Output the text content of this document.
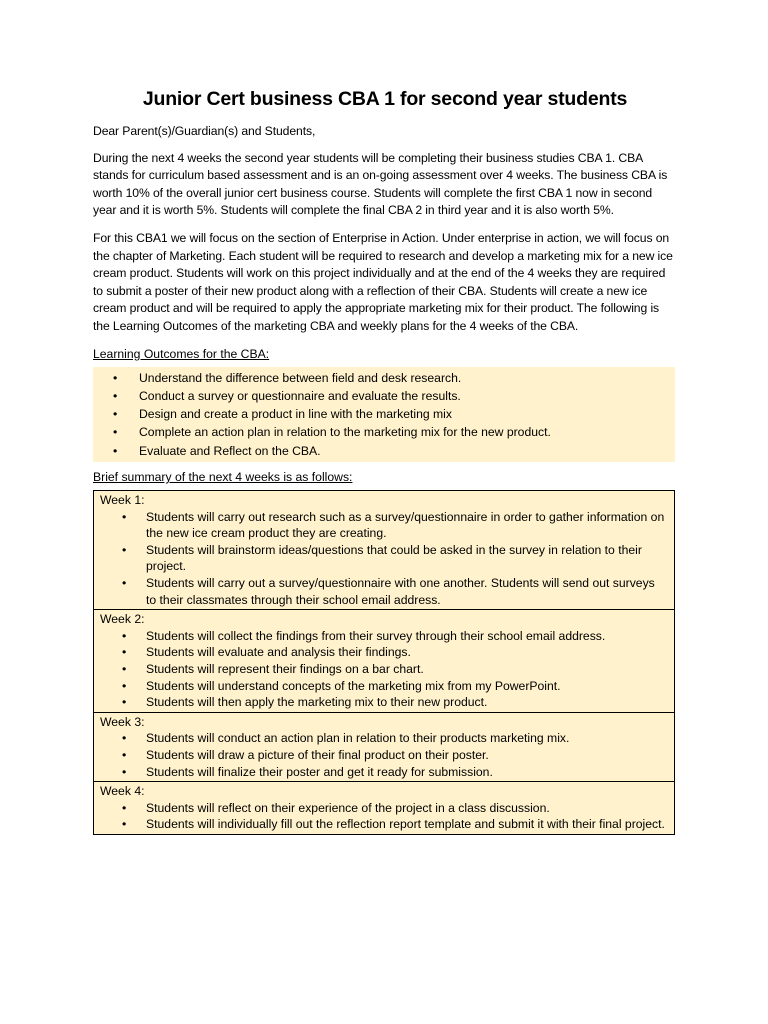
Junior Cert business CBA 1 for second year students

Dear Parent(s)/Guardian(s) and Students,

During the next 4 weeks the second year students will be completing their business studies CBA 1. CBA stands for curriculum based assessment and is an on-going assessment over 4 weeks. The business CBA is worth 10% of the overall junior cert business course. Students will complete the first CBA 1 now in second year and it is worth 5%. Students will complete the final CBA 2 in third year and it is also worth 5%.

For this CBA1 we will focus on the section of Enterprise in Action. Under enterprise in action, we will focus on the chapter of Marketing. Each student will be required to research and develop a marketing mix for a new ice cream product. Students will work on this project individually and at the end of the 4 weeks they are required to submit a poster of their new product along with a reflection of their CBA. Students will create a new ice cream product and will be required to apply the appropriate marketing mix for their product. The following is the Learning Outcomes of the marketing CBA and weekly plans for the 4 weeks of the CBA.

Learning Outcomes for the CBA:

• Understand the difference between field and desk research.
• Conduct a survey or questionnaire and evaluate the results.
• Design and create a product in line with the marketing mix
• Complete an action plan in relation to the marketing mix for the new product.
• Evaluate and Reflect on the CBA.

Brief summary of the next 4 weeks is as follows:

Week 1:
• Students will carry out research such as a survey/questionnaire in order to gather information on the new ice cream product they are creating.
• Students will brainstorm ideas/questions that could be asked in the survey in relation to their project.
• Students will carry out a survey/questionnaire with one another. Students will send out surveys to their classmates through their school email address.
Week 2:
• Students will collect the findings from their survey through their school email address.
• Students will evaluate and analysis their findings.
• Students will represent their findings on a bar chart.
• Students will understand concepts of the marketing mix from my PowerPoint.
• Students will then apply the marketing mix to their new product.
Week 3:
• Students will conduct an action plan in relation to their products marketing mix.
• Students will draw a picture of their final product on their poster.
• Students will finalize their poster and get it ready for submission.
Week 4:
• Students will reflect on their experience of the project in a class discussion.
• Students will individually fill out the reflection report template and submit it with their final project.
